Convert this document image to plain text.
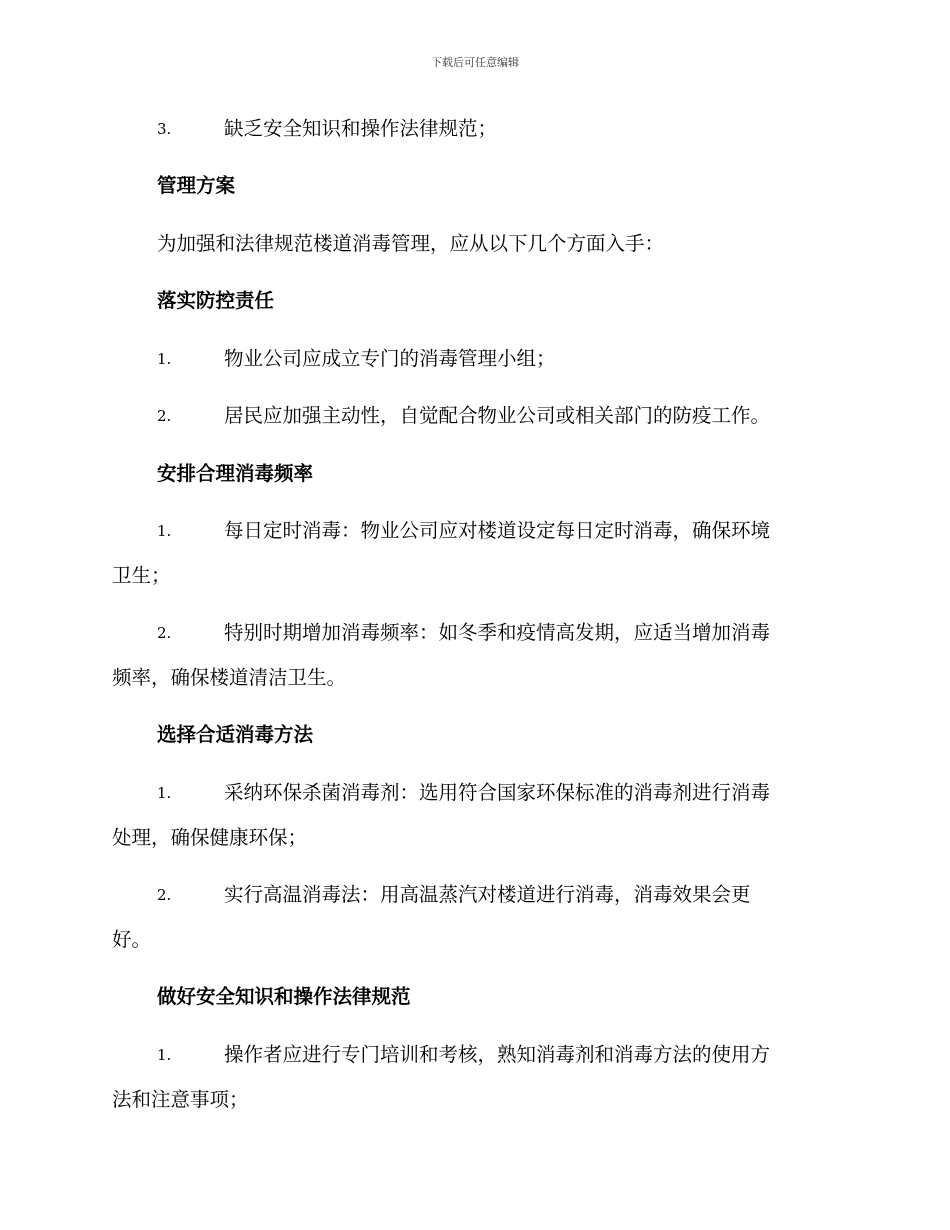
下载后可任意编辑
3.	缺乏安全知识和操作法律规范；
管理方案
为加强和法律规范楼道消毒管理，应从以下几个方面入手：
落实防控责任
1.	物业公司应成立专门的消毒管理小组；
2.	居民应加强主动性，自觉配合物业公司或相关部门的防疫工作。
安排合理消毒频率
1.	每日定时消毒：物业公司应对楼道设定每日定时消毒，确保环境
卫生；
2.	特别时期增加消毒频率：如冬季和疫情高发期，应适当增加消毒
频率，确保楼道清洁卫生。
选择合适消毒方法
1.	采纳环保杀菌消毒剂：选用符合国家环保标准的消毒剂进行消毒
处理，确保健康环保；
2.	实行高温消毒法：用高温蒸汽对楼道进行消毒，消毒效果会更
好。
做好安全知识和操作法律规范
1.	操作者应进行专门培训和考核，熟知消毒剂和消毒方法的使用方
法和注意事项；
